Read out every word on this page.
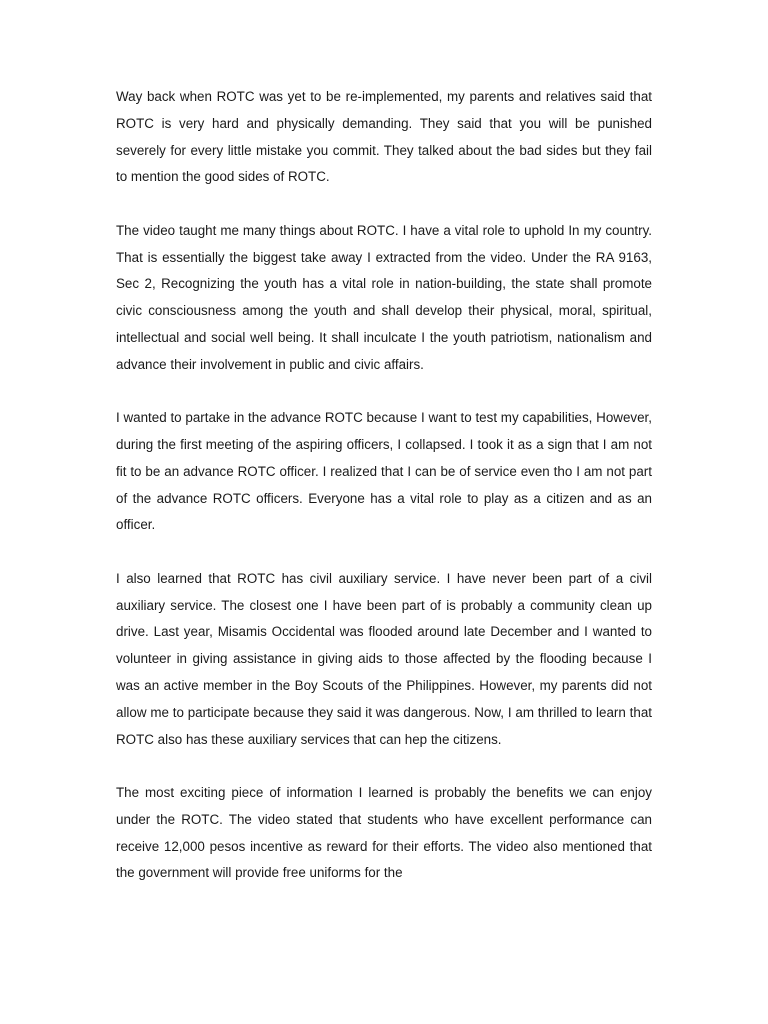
Way back when ROTC was yet to be re-implemented, my parents and relatives said that ROTC is very hard and physically demanding. They said that you will be punished severely for every little mistake you commit. They talked about the bad sides but they fail to mention the good sides of ROTC.

The video taught me many things about ROTC. I have a vital role to uphold In my country. That is essentially the biggest take away I extracted from the video. Under the RA 9163, Sec 2, Recognizing the youth has a vital role in nation-building, the state shall promote civic consciousness among the youth and shall develop their physical, moral, spiritual, intellectual and social well being. It shall inculcate I the youth patriotism, nationalism and advance their involvement in public and civic affairs.

I wanted to partake in the advance ROTC because I want to test my capabilities, However, during the first meeting of the aspiring officers, I collapsed. I took it as a sign that I am not fit to be an advance ROTC officer. I realized that I can be of service even tho I am not part of the advance ROTC officers. Everyone has a vital role to play as a citizen and as an officer.

I also learned that ROTC has civil auxiliary service. I have never been part of a civil auxiliary service. The closest one I have been part of is probably a community clean up drive. Last year, Misamis Occidental was flooded around late December and I wanted to volunteer in giving assistance in giving aids to those affected by the flooding because I was an active member in the Boy Scouts of the Philippines. However, my parents did not allow me to participate because they said it was dangerous. Now, I am thrilled to learn that ROTC also has these auxiliary services that can hep the citizens.

The most exciting piece of information I learned is probably the benefits we can enjoy under the ROTC. The video stated that students who have excellent performance can receive 12,000 pesos incentive as reward for their efforts. The video also mentioned that the government will provide free uniforms for the
